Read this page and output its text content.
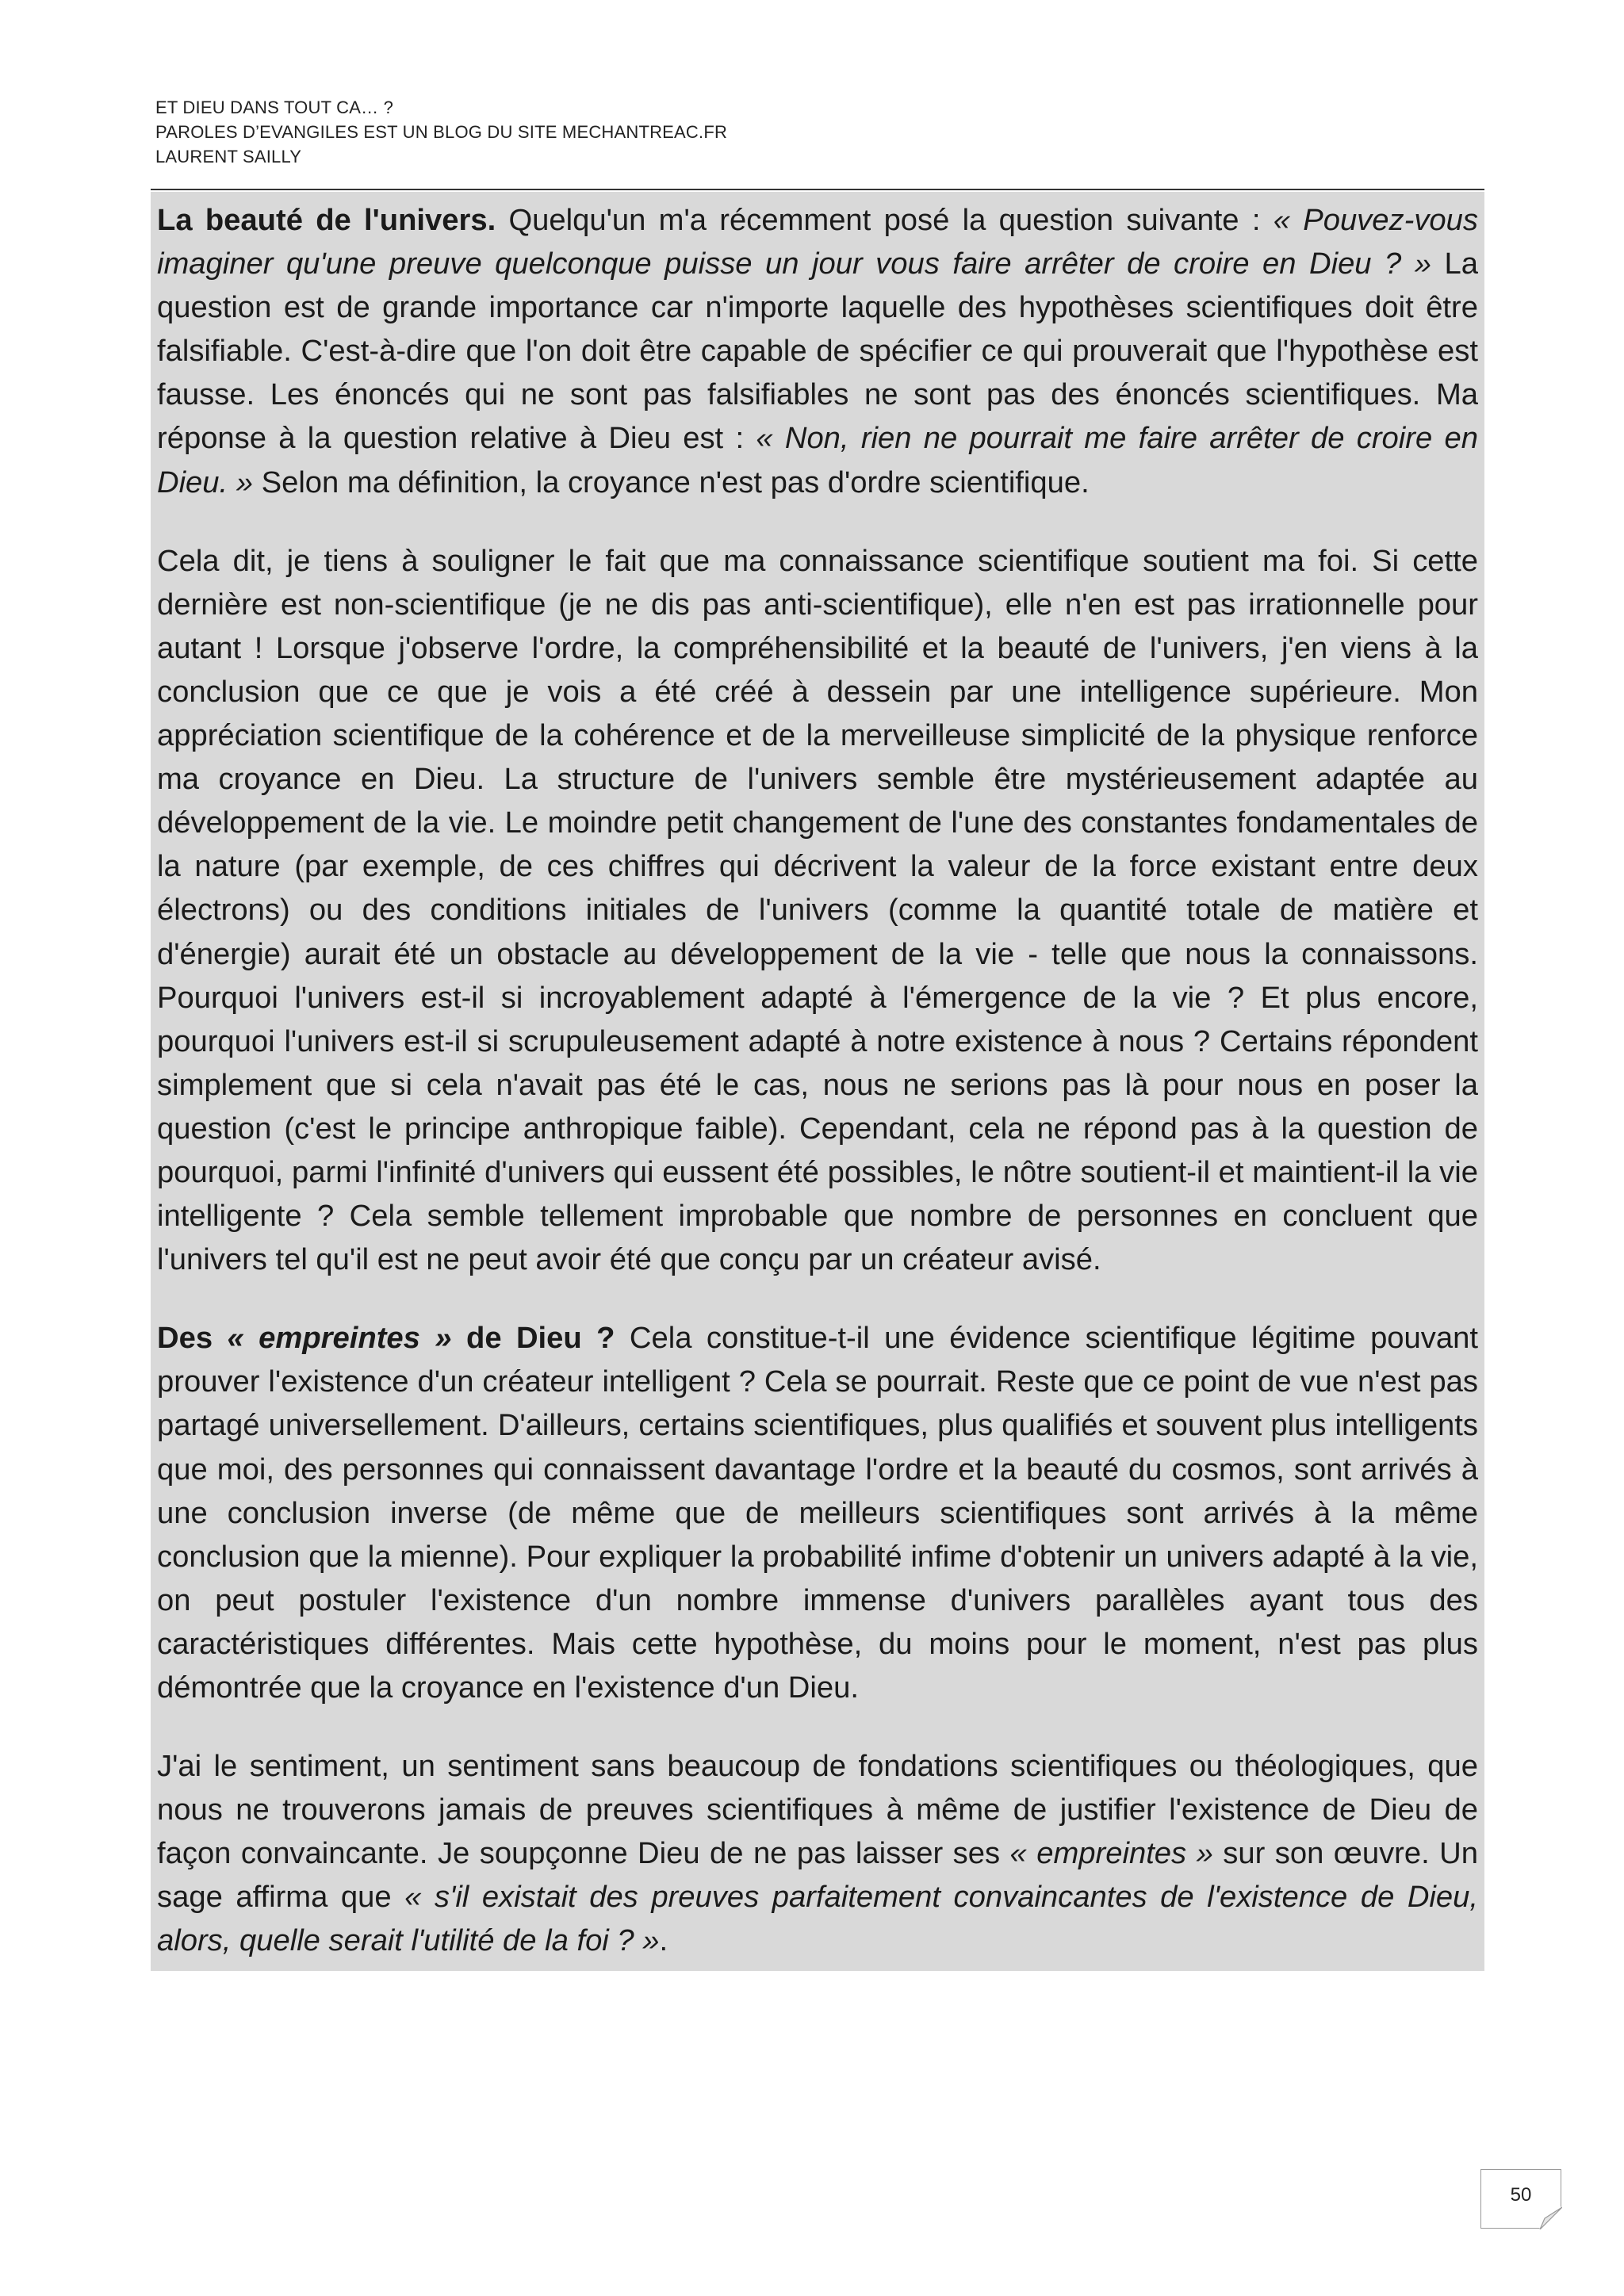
ET DIEU DANS TOUT CA… ?
PAROLES D’EVANGILES EST UN BLOG DU SITE MECHANTREAC.FR
LAURENT SAILLY

La beauté de l'univers. Quelqu'un m'a récemment posé la question suivante : « Pouvez-vous imaginer qu'une preuve quelconque puisse un jour vous faire arrêter de croire en Dieu ? » La question est de grande importance car n'importe laquelle des hypothèses scientifiques doit être falsifiable. C'est-à-dire que l'on doit être capable de spécifier ce qui prouverait que l'hypothèse est fausse. Les énoncés qui ne sont pas falsifiables ne sont pas des énoncés scientifiques. Ma réponse à la question relative à Dieu est : « Non, rien ne pourrait me faire arrêter de croire en Dieu. » Selon ma définition, la croyance n'est pas d'ordre scientifique.

Cela dit, je tiens à souligner le fait que ma connaissance scientifique soutient ma foi. Si cette dernière est non-scientifique (je ne dis pas anti-scientifique), elle n'en est pas irrationnelle pour autant ! Lorsque j'observe l'ordre, la compréhensibilité et la beauté de l'univers, j'en viens à la conclusion que ce que je vois a été créé à dessein par une intelligence supérieure. Mon appréciation scientifique de la cohérence et de la merveilleuse simplicité de la physique renforce ma croyance en Dieu. La structure de l'univers semble être mystérieusement adaptée au développement de la vie. Le moindre petit changement de l'une des constantes fondamentales de la nature (par exemple, de ces chiffres qui décrivent la valeur de la force existant entre deux électrons) ou des conditions initiales de l'univers (comme la quantité totale de matière et d'énergie) aurait été un obstacle au développement de la vie - telle que nous la connaissons. Pourquoi l'univers est-il si incroyablement adapté à l'émergence de la vie ? Et plus encore, pourquoi l'univers est-il si scrupuleusement adapté à notre existence à nous ? Certains répondent simplement que si cela n'avait pas été le cas, nous ne serions pas là pour nous en poser la question (c'est le principe anthropique faible). Cependant, cela ne répond pas à la question de pourquoi, parmi l'infinité d'univers qui eussent été possibles, le nôtre soutient-il et maintient-il la vie intelligente ? Cela semble tellement improbable que nombre de personnes en concluent que l'univers tel qu'il est ne peut avoir été que conçu par un créateur avisé.

Des « empreintes » de Dieu ? Cela constitue-t-il une évidence scientifique légitime pouvant prouver l'existence d'un créateur intelligent ? Cela se pourrait. Reste que ce point de vue n'est pas partagé universellement. D'ailleurs, certains scientifiques, plus qualifiés et souvent plus intelligents que moi, des personnes qui connaissent davantage l'ordre et la beauté du cosmos, sont arrivés à une conclusion inverse (de même que de meilleurs scientifiques sont arrivés à la même conclusion que la mienne). Pour expliquer la probabilité infime d'obtenir un univers adapté à la vie, on peut postuler l'existence d'un nombre immense d'univers parallèles ayant tous des caractéristiques différentes. Mais cette hypothèse, du moins pour le moment, n'est pas plus démontrée que la croyance en l'existence d'un Dieu.

J'ai le sentiment, un sentiment sans beaucoup de fondations scientifiques ou théologiques, que nous ne trouverons jamais de preuves scientifiques à même de justifier l'existence de Dieu de façon convaincante. Je soupçonne Dieu de ne pas laisser ses « empreintes » sur son œuvre. Un sage affirma que « s'il existait des preuves parfaitement convaincantes de l'existence de Dieu, alors, quelle serait l'utilité de la foi ? ».

50
